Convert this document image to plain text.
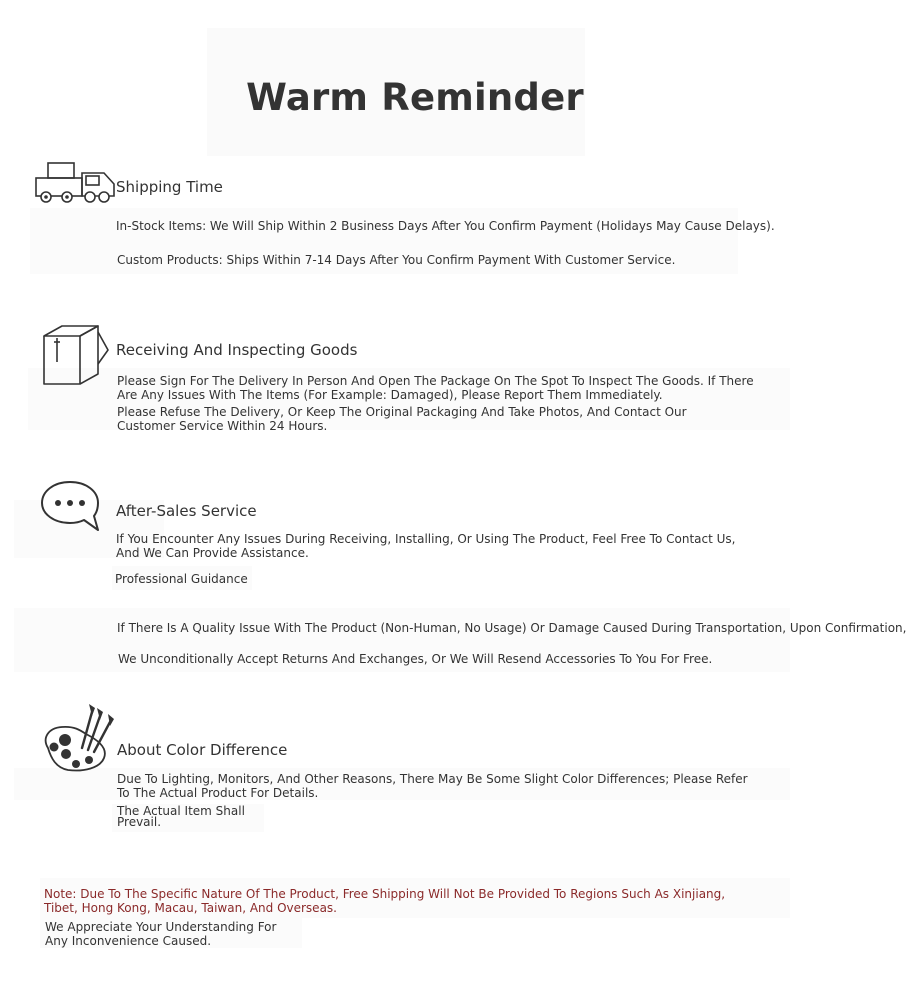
Warm Reminder
Shipping Time
In-Stock Items: We Will Ship Within 2 Business Days After You Confirm Payment (Holidays May Cause Delays).
Custom Products: Ships Within 7-14 Days After You Confirm Payment With Customer Service.
Receiving And Inspecting Goods
Please Sign For The Delivery In Person And Open The Package On The Spot To Inspect The Goods. If There Are Any Issues With The Items (For Example: Damaged), Please Report Them Immediately.
Please Refuse The Delivery, Or Keep The Original Packaging And Take Photos, And Contact Our Customer Service Within 24 Hours.
After-Sales Service
If You Encounter Any Issues During Receiving, Installing, Or Using The Product, Feel Free To Contact Us, And We Can Provide Assistance.
Professional Guidance
If There Is A Quality Issue With The Product (Non-Human, No Usage) Or Damage Caused During Transportation, Upon Confirmation,
We Unconditionally Accept Returns And Exchanges, Or We Will Resend Accessories To You For Free.
About Color Difference
Due To Lighting, Monitors, And Other Reasons, There May Be Some Slight Color Differences; Please Refer To The Actual Product For Details.
The Actual Item Shall Prevail.
Note: Due To The Specific Nature Of The Product, Free Shipping Will Not Be Provided To Regions Such As Xinjiang, Tibet, Hong Kong, Macau, Taiwan, And Overseas.
We Appreciate Your Understanding For Any Inconvenience Caused.
